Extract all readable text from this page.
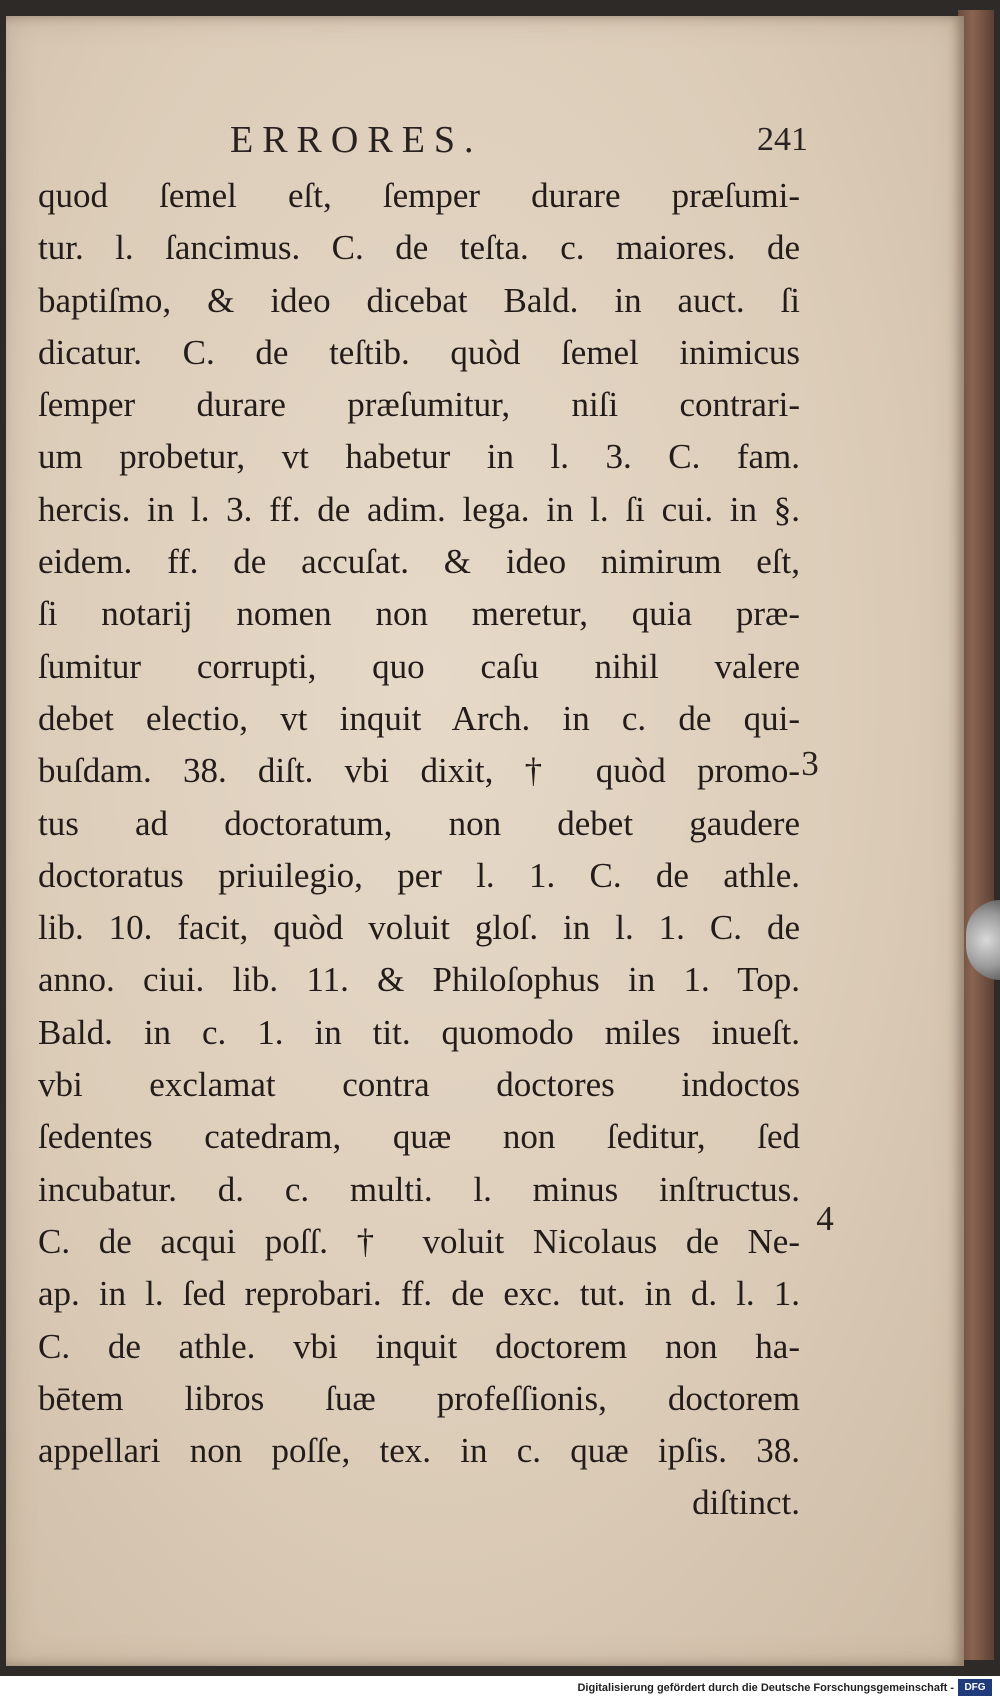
ERRORES.	241
quod ſemel eſt, ſemper durare præſumi-
tur. l. ſancimus. C. de teſta. c. maiores. de
baptiſmo, & ideo dicebat Bald. in auct. ſi
dicatur. C. de teſtib. quòd ſemel inimicus
ſemper durare præſumitur, niſi contrari-
um probetur, vt habetur in l. 3. C. fam.
hercis. in l. 3. ff. de adim. lega. in l. ſi cui. in §.
eidem. ff. de accuſat. & ideo nimirum eſt,
ſi notarij nomen non meretur, quia præ-
ſumitur corrupti, quo caſu nihil valere
debet electio, vt inquit Arch. in c. de qui-
buſdam. 38. diſt. vbi dixit, † quòd promo-
tus ad doctoratum, non debet gaudere
doctoratus priuilegio, per l. 1. C. de athle.
lib. 10. facit, quòd voluit gloſ. in l. 1. C. de
anno. ciui. lib. 11. & Philoſophus in 1. Top.
Bald. in c. 1. in tit. quomodo miles inueſt.
vbi exclamat contra doctores indoctos
ſedentes catedram, quæ non ſeditur, ſed
incubatur. d. c. multi. l. minus inſtructus.
C. de acqui poſſ. † voluit Nicolaus de Ne-
ap. in l. ſed reprobari. ff. de exc. tut. in d. l. 1.
C. de athle. vbi inquit doctorem non ha-
bētem libros ſuæ profeſſionis, doctorem
appellari non poſſe, tex. in c. quæ ipſis. 38.
diſtinct.
3
4
Digitalisierung gefördert durch die Deutsche Forschungsgemeinschaft -	DFG
